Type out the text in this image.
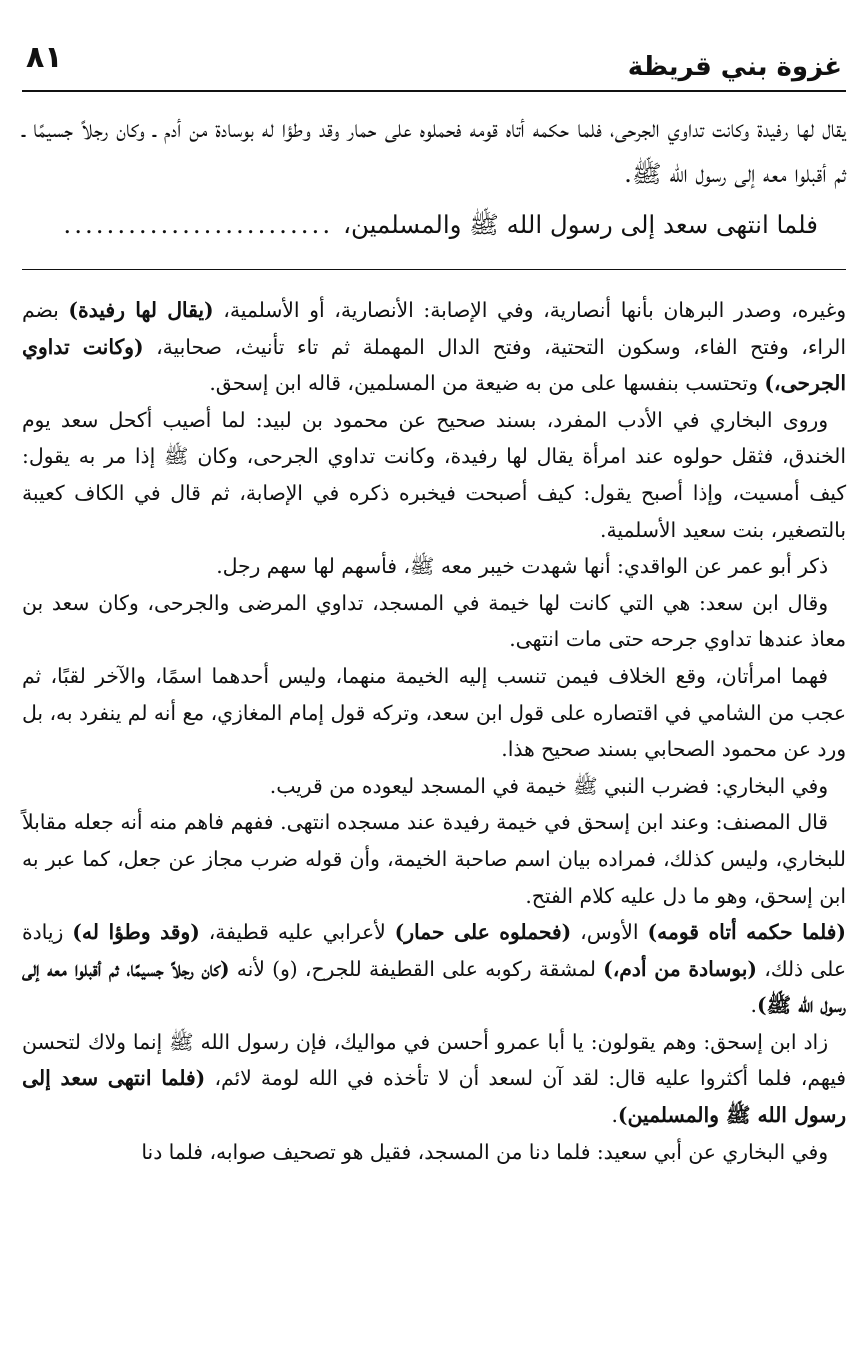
غزوة بني قريظة
٨١

يقال لها رفيدة وكانت تداوي الجرحى، فلما حكمه أتاه قومه فحملوه على حمار وقد وطؤا له بوسادة من أدم ـ وكان رجلاً جسيمًا ـ ثم أقبلوا معه إلى رسول الله ﷺ.

فلما انتهى سعد إلى رسول الله ﷺ والمسلمين،
.........................

وغيره، وصدر البرهان بأنها أنصارية، وفي الإصابة: الأنصارية، أو الأسلمية، (يقال لها رفيدة) بضم الراء، وفتح الفاء، وسكون التحتية، وفتح الدال المهملة ثم تاء تأنيث، صحابية، (وكانت تداوي الجرحى،) وتحتسب بنفسها على من به ضيعة من المسلمين، قاله ابن إسحق.

وروى البخاري في الأدب المفرد، بسند صحيح عن محمود بن لبيد: لما أصيب أكحل سعد يوم الخندق، فثقل حولوه عند امرأة يقال لها رفيدة، وكانت تداوي الجرحى، وكان ﷺ إذا مر به يقول: كيف أمسيت، وإذا أصبح يقول: كيف أصبحت فيخبره ذكره في الإصابة، ثم قال في الكاف كعيبة بالتصغير، بنت سعيد الأسلمية.

ذكر أبو عمر عن الواقدي: أنها شهدت خيبر معه ﷺ، فأسهم لها سهم رجل.

وقال ابن سعد: هي التي كانت لها خيمة في المسجد، تداوي المرضى والجرحى، وكان سعد بن معاذ عندها تداوي جرحه حتى مات انتهى.

فهما امرأتان، وقع الخلاف فيمن تنسب إليه الخيمة منهما، وليس أحدهما اسمًا، والآخر لقبًا، ثم عجب من الشامي في اقتصاره على قول ابن سعد، وتركه قول إمام المغازي، مع أنه لم ينفرد به، بل ورد عن محمود الصحابي بسند صحيح هذا.

وفي البخاري: فضرب النبي ﷺ خيمة في المسجد ليعوده من قريب.

قال المصنف: وعند ابن إسحق في خيمة رفيدة عند مسجده انتهى. ففهم فاهم منه أنه جعله مقابلاً للبخاري، وليس كذلك، فمراده بيان اسم صاحبة الخيمة، وأن قوله ضرب مجاز عن جعل، كما عبر به ابن إسحق، وهو ما دل عليه كلام الفتح.

(فلما حكمه أتاه قومه) الأوس، (فحملوه على حمار) لأعرابي عليه قطيفة، (وقد وطؤا له) زيادة على ذلك، (بوسادة من أدم،) لمشقة ركوبه على القطيفة للجرح، (و) لأنه (كان رجلاً جسيمًا، ثم أقبلوا معه إلى رسول الله ﷺ).

زاد ابن إسحق: وهم يقولون: يا أبا عمرو أحسن في مواليك، فإن رسول الله ﷺ إنما ولاك لتحسن فيهم، فلما أكثروا عليه قال: لقد آن لسعد أن لا تأخذه في الله لومة لائم، (فلما انتهى سعد إلى رسول الله ﷺ والمسلمين).

وفي البخاري عن أبي سعيد: فلما دنا من المسجد، فقيل هو تصحيف صوابه، فلما دنا
